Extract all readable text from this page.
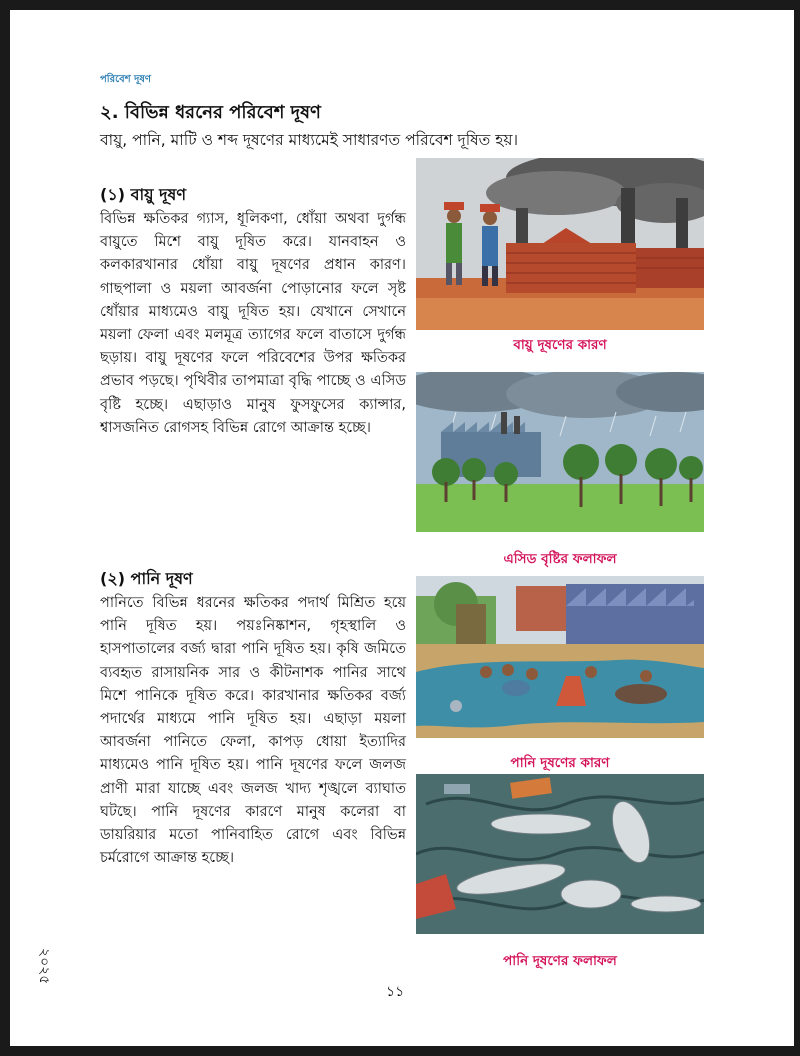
পরিবেশ দূষণ
২. বিভিন্ন ধরনের পরিবেশ দূষণ

বায়ু, পানি, মাটি ও শব্দ দূষণের মাধ্যমেই সাধারণত পরিবেশ দূষিত হয়।

(১) বায়ু দূষণ

বিভিন্ন ক্ষতিকর গ্যাস, ধূলিকণা, ধোঁয়া অথবা দুর্গন্ধ বায়ুতে মিশে বায়ু দূষিত করে। যানবাহন ও কলকারখানার ধোঁয়া বায়ু দূষণের প্রধান কারণ। গাছপালা ও ময়লা আবর্জনা পোড়ানোর ফলে সৃষ্ট ধোঁয়ার মাধ্যমেও বায়ু দূষিত হয়। যেখানে সেখানে ময়লা ফেলা এবং মলমূত্র ত্যাগের ফলে বাতাসে দুর্গন্ধ ছড়ায়। বায়ু দূষণের ফলে পরিবেশের উপর ক্ষতিকর প্রভাব পড়ছে। পৃথিবীর তাপমাত্রা বৃদ্ধি পাচ্ছে ও এসিড বৃষ্টি হচ্ছে। এছাড়াও মানুষ ফুসফুসের ক্যান্সার, শ্বাসজনিত রোগসহ বিভিন্ন রোগে আক্রান্ত হচ্ছে।

(২) পানি দূষণ

পানিতে বিভিন্ন ধরনের ক্ষতিকর পদার্থ মিশ্রিত হয়ে পানি দূষিত হয়। পয়ঃনিষ্কাশন, গৃহস্থালি ও হাসপাতালের বর্জ্য দ্বারা পানি দূষিত হয়। কৃষি জমিতে ব্যবহৃত রাসায়নিক সার ও কীটনাশক পানির সাথে মিশে পানিকে দূষিত করে। কারখানার ক্ষতিকর বর্জ্য পদার্থের মাধ্যমে পানি দূষিত হয়। এছাড়া ময়লা আবর্জনা পানিতে ফেলা, কাপড় ধোয়া ইত্যাদির মাধ্যমেও পানি দূষিত হয়। পানি দূষণের ফলে জলজ প্রাণী মারা যাচ্ছে এবং জলজ খাদ্য শৃঙ্খলে ব্যাঘাত ঘটছে। পানি দূষণের কারণে মানুষ কলেরা বা ডায়রিয়ার মতো পানিবাহিত রোগে এবং বিভিন্ন চর্মরোগে আক্রান্ত হচ্ছে।

বায়ু দূষণের কারণ
এসিড বৃষ্টির ফলাফল
পানি দূষণের কারণ
পানি দূষণের ফলাফল
১১
২০২৫
